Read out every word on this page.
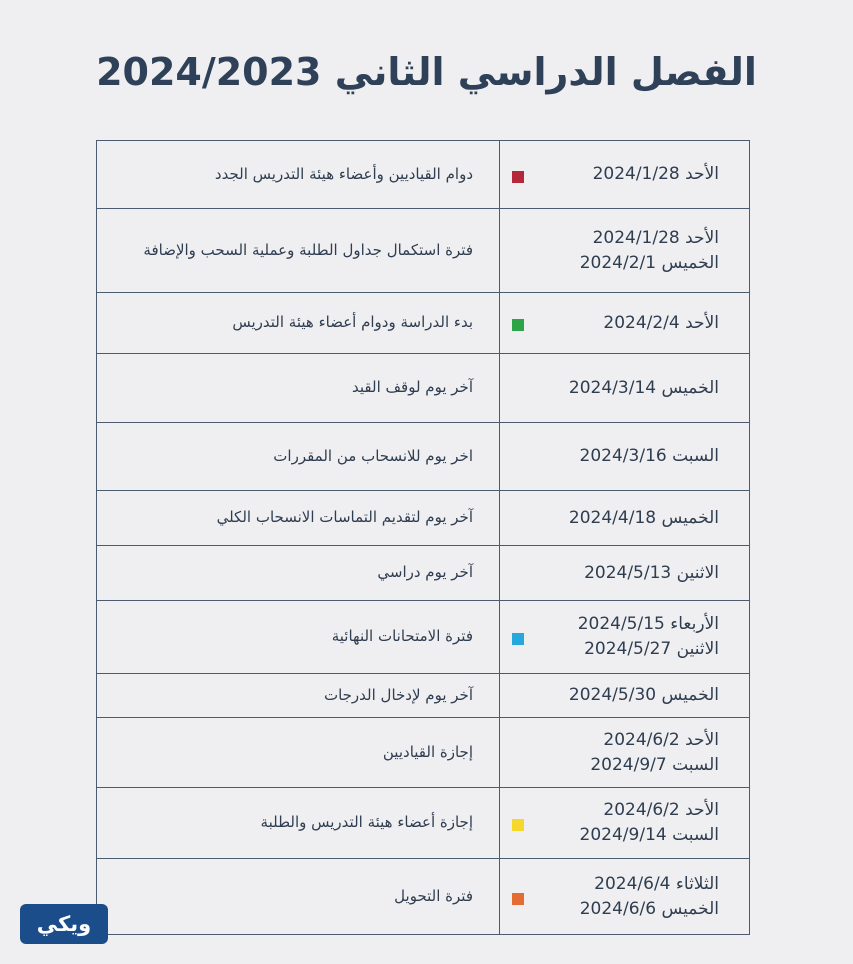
الفصل الدراسي الثاني 2024/2023
الأحد 2024/1/28	دوام القياديين وأعضاء هيئة التدريس الجدد

الأحد 2024/1/28
الخميس 2024/2/1	فترة استكمال جداول الطلبة وعملية السحب والإضافة

الأحد 2024/2/4	بدء الدراسة ودوام أعضاء هيئة التدريس

الخميس 2024/3/14	آخر يوم لوقف القيد

السبت 2024/3/16	اخر يوم للانسحاب من المقررات

الخميس 2024/4/18	آخر يوم لتقديم التماسات الانسحاب الكلي

الاثنين 2024/5/13	آخر يوم دراسي

الأربعاء 2024/5/15
الاثنين 2024/5/27	فترة الامتحانات النهائية

الخميس 2024/5/30	آخر يوم لإدخال الدرجات

الأحد 2024/6/2
السبت 2024/9/7	إجازة القياديين

الأحد 2024/6/2
السبت 2024/9/14	إجازة أعضاء هيئة التدريس والطلبة

الثلاثاء 2024/6/4
الخميس 2024/6/6	فترة التحويل
ويكي
